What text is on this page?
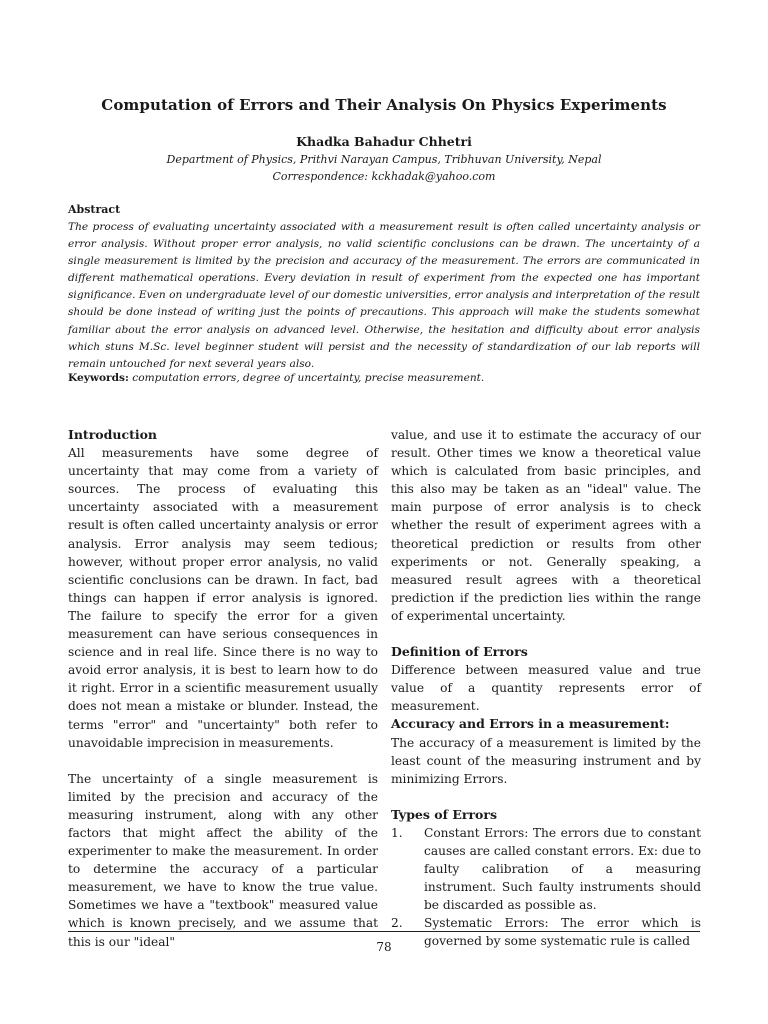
Computation of Errors and Their Analysis On Physics Experiments
Khadka Bahadur Chhetri
Department of Physics, Prithvi Narayan Campus, Tribhuvan University, Nepal
Correspondence: kckhadak@yahoo.com
Abstract

The process of evaluating uncertainty associated with a measurement result is often called uncertainty analysis or error analysis. Without proper error analysis, no valid scientific conclusions can be drawn. The uncertainty of a single measurement is limited by the precision and accuracy of the measurement. The errors are communicated in different mathematical operations. Every deviation in result of experiment from the expected one has important significance. Even on undergraduate level of our domestic universities, error analysis and interpretation of the result should be done instead of writing just the points of precautions. This approach will make the students somewhat familiar about the error analysis on advanced level. Otherwise, the hesitation and difficulty about error analysis which stuns M.Sc. level beginner student will persist and the necessity of standardization of our lab reports will remain untouched for next several years also.

Keywords: computation errors, degree of uncertainty, precise measurement.
Introduction

All measurements have some degree of uncertainty that may come from a variety of sources. The process of evaluating this uncertainty associated with a measurement result is often called uncertainty analysis or error analysis. Error analysis may seem tedious; however, without proper error analysis, no valid scientific conclusions can be drawn. In fact, bad things can happen if error analysis is ignored. The failure to specify the error for a given measurement can have serious consequences in science and in real life. Since there is no way to avoid error analysis, it is best to learn how to do it right. Error in a scientific measurement usually does not mean a mistake or blunder. Instead, the terms "error" and "uncertainty" both refer to unavoidable imprecision in measurements.

The uncertainty of a single measurement is limited by the precision and accuracy of the measuring instrument, along with any other factors that might affect the ability of the experimenter to make the measurement. In order to determine the accuracy of a particular measurement, we have to know the true value. Sometimes we have a "textbook" measured value which is known precisely, and we assume that this is our "ideal"

value, and use it to estimate the accuracy of our result. Other times we know a theoretical value which is calculated from basic principles, and this also may be taken as an "ideal" value. The main purpose of error analysis is to check whether the result of experiment agrees with a theoretical prediction or results from other experiments or not. Generally speaking, a measured result agrees with a theoretical prediction if the prediction lies within the range of experimental uncertainty.

Definition of Errors

Difference between measured value and true value of a quantity represents error of measurement.

Accuracy and Errors in a measurement:

The accuracy of a measurement is limited by the least count of the measuring instrument and by minimizing Errors.

Types of Errors
1.	Constant Errors: The errors due to constant causes are called constant errors. Ex: due to faulty calibration of a measuring instrument. Such faulty instruments should be discarded as possible as.
2.	Systematic Errors: The error which is governed by some systematic rule is called
78
